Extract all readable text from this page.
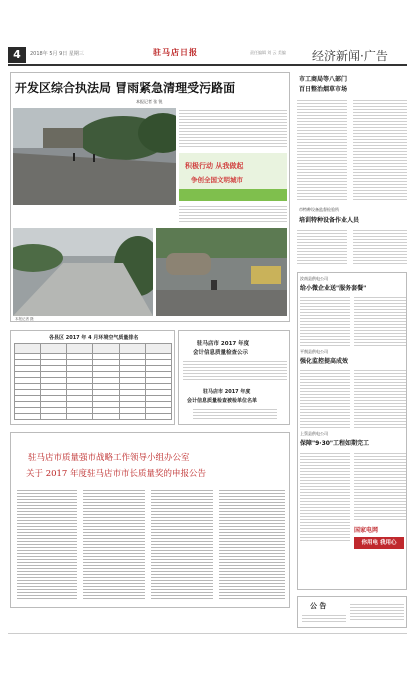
4	2018年 5月 9日 星期三	驻马店日报	责任编辑 刘 云 美编 经济新闻·广告
开发区综合执法局 冒雨紧急清理受污路面
本报记者 张 锐
积极行动 从我做起
争创全国文明城市
本报记者 摄
市工商局等八部门
百日整治烟草市场
市特种设备监督检验所
培训特种设备作业人员
汝南县供电公司
给小微企业送"服务套餐"
平舆县供电公司
强化监控提高成效
上蔡县供电公司
保障"9·30"工程如期完工
国家电网
你用电 我用心
各县区 2017 年 4 月环境空气质量排名

驻马店市 2017 年度
会计信息质量检查公示
驻马店市 2017 年度
会计信息质量检查被检单位名单
驻马店市质量强市战略工作领导小组办公室
关于 2017 年度驻马店市市长质量奖的申报公告
公 告
